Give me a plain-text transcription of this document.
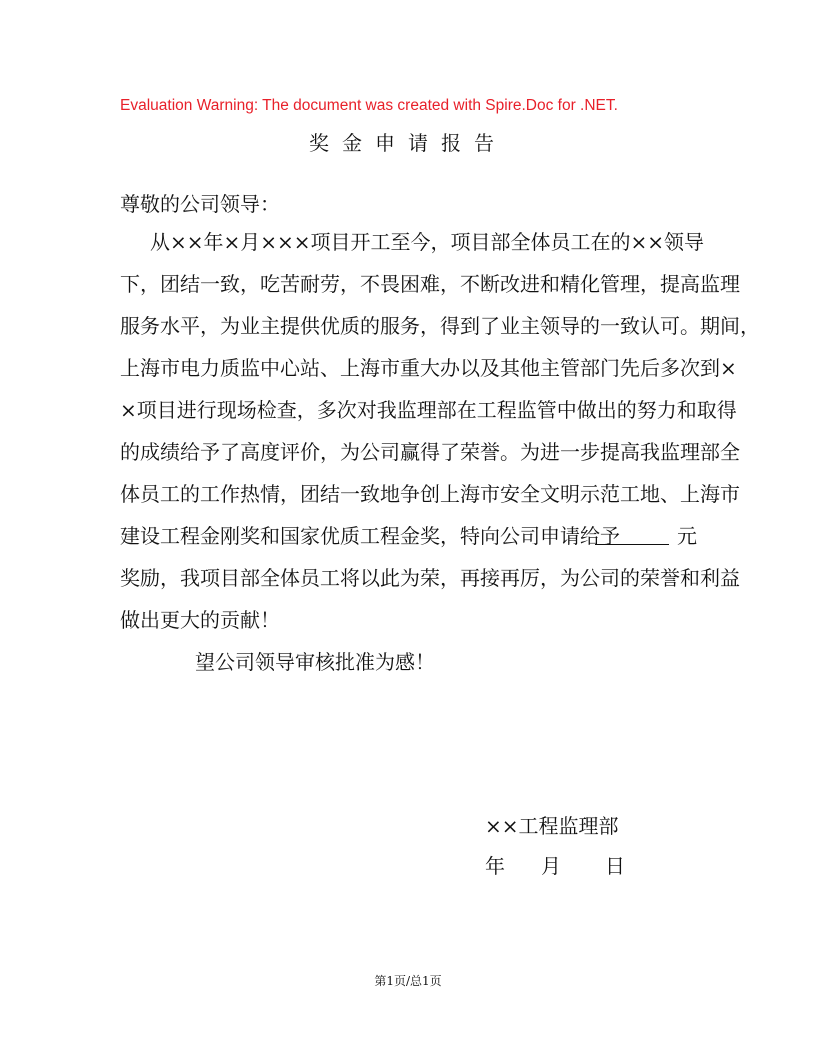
Evaluation Warning: The document was created with Spire.Doc for .NET.
奖金申请报告
尊敬的公司领导：
从××年×月×××项目开工至今，项目部全体员工在的××领导
下，团结一致，吃苦耐劳，不畏困难，不断改进和精化管理，提高监理
服务水平，为业主提供优质的服务，得到了业主领导的一致认可。期间，
上海市电力质监中心站、上海市重大办以及其他主管部门先后多次到×
×项目进行现场检查，多次对我监理部在工程监管中做出的努力和取得
的成绩给予了高度评价，为公司赢得了荣誉。为进一步提高我监理部全
体员工的工作热情，团结一致地争创上海市安全文明示范工地、上海市
建设工程金刚奖和国家优质工程金奖，特向公司申请给予	元
奖励，我项目部全体员工将以此为荣，再接再厉，为公司的荣誉和利益
做出更大的贡献！
望公司领导审核批准为感！
××工程监理部
年 月 日
第1页/总1页
